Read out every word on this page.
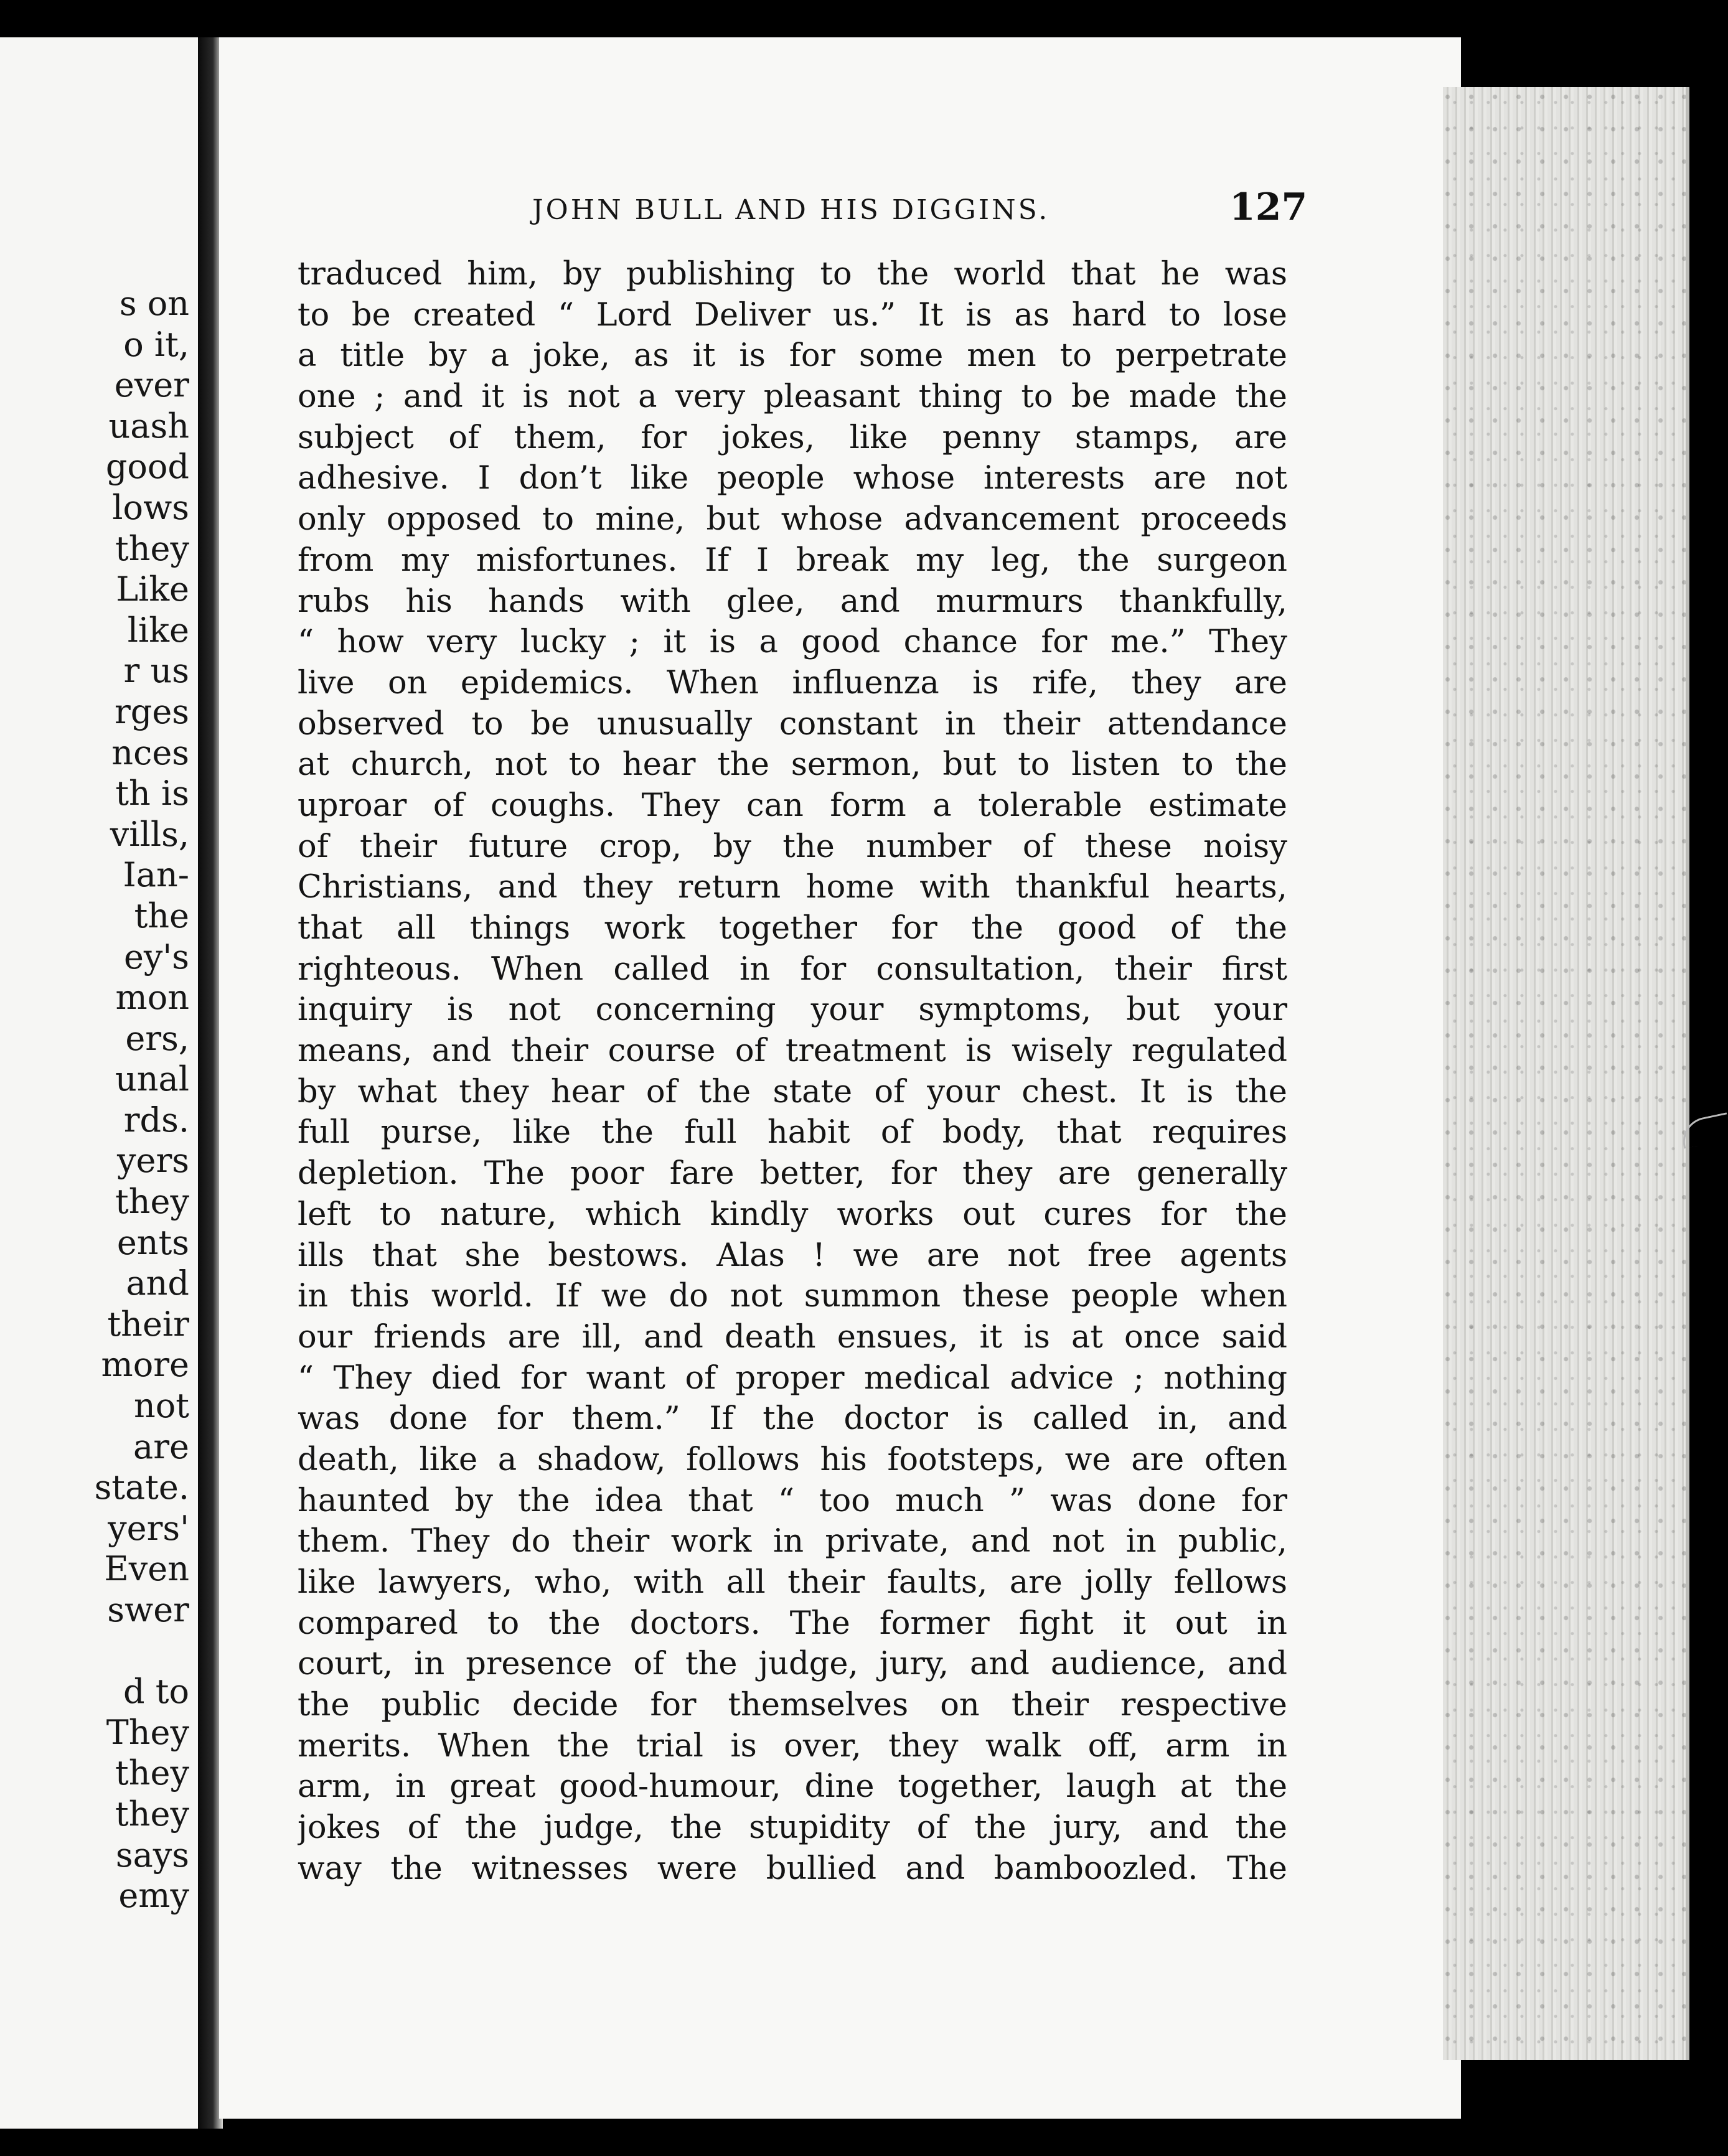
s on
o it,
ever
uash
good
lows
they
Like
like
r us
rges
nces
th is
vills,
Ian-
the
ey's
mon
ers,
unal
rds.
yers
they
ents
and
their
more
not
are
state.
yers'
Even
swer
d to
They
they
they
says
emy
JOHN BULL AND HIS DIGGINS.	127
traduced him, by publishing to the world that he was
to be created “ Lord Deliver us.” It is as hard to lose
a title by a joke, as it is for some men to perpetrate
one ; and it is not a very pleasant thing to be made the
subject of them, for jokes, like penny stamps, are
adhesive. I don’t like people whose interests are not
only opposed to mine, but whose advancement proceeds
from my misfortunes. If I break my leg, the surgeon
rubs his hands with glee, and murmurs thankfully,
“ how very lucky ; it is a good chance for me.” They
live on epidemics. When influenza is rife, they are
observed to be unusually constant in their attendance
at church, not to hear the sermon, but to listen to the
uproar of coughs. They can form a tolerable estimate
of their future crop, by the number of these noisy
Christians, and they return home with thankful hearts,
that all things work together for the good of the
righteous. When called in for consultation, their first
inquiry is not concerning your symptoms, but your
means, and their course of treatment is wisely regulated
by what they hear of the state of your chest. It is the
full purse, like the full habit of body, that requires
depletion. The poor fare better, for they are generally
left to nature, which kindly works out cures for the
ills that she bestows. Alas ! we are not free agents
in this world. If we do not summon these people when
our friends are ill, and death ensues, it is at once said
“ They died for want of proper medical advice ; nothing
was done for them.” If the doctor is called in, and
death, like a shadow, follows his footsteps, we are often
haunted by the idea that “ too much ” was done for
them. They do their work in private, and not in public,
like lawyers, who, with all their faults, are jolly fellows
compared to the doctors. The former fight it out in
court, in presence of the judge, jury, and audience, and
the public decide for themselves on their respective
merits. When the trial is over, they walk off, arm in
arm, in great good-humour, dine together, laugh at the
jokes of the judge, the stupidity of the jury, and the
way the witnesses were bullied and bamboozled. The
